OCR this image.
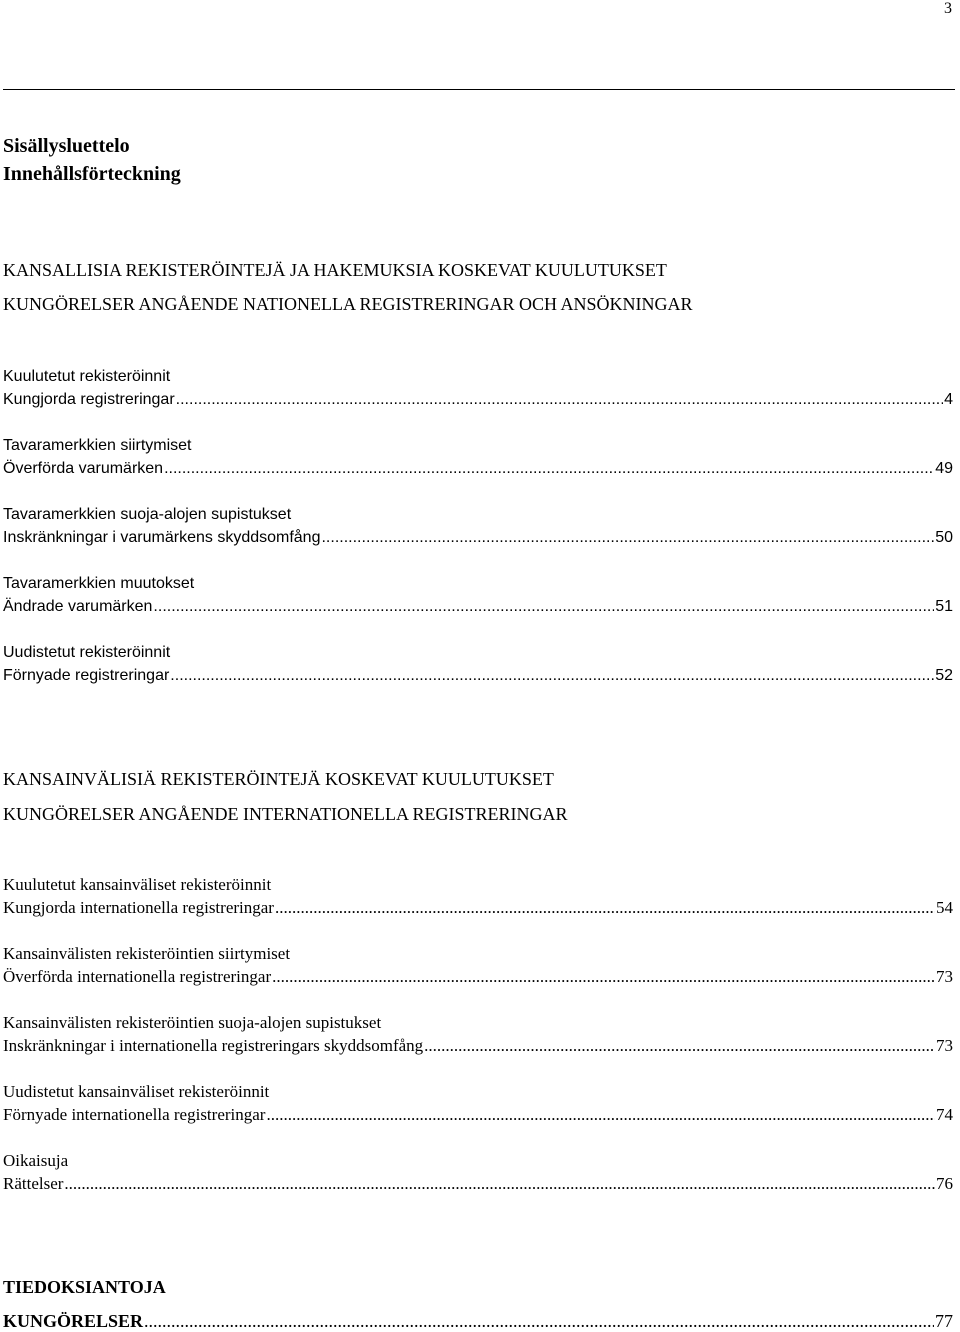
3
Sisällysluettelo
Innehållsförteckning
KANSALLISIA REKISTERÖINTEJÄ JA HAKEMUKSIA KOSKEVAT KUULUTUKSET
KUNGÖRELSER ANGÅENDE NATIONELLA REGISTRERINGAR OCH ANSÖKNINGAR
Kuulutetut rekisteröinnit
Kungjorda registreringar .....	4
Tavaramerkkien siirtymiset
Överförda varumärken .....	49
Tavaramerkkien suoja-alojen supistukset
Inskränkningar i varumärkens skyddsomfång .....	50
Tavaramerkkien muutokset
Ändrade varumärken .....	51
Uudistetut rekisteröinnit
Förnyade registreringar .....	52
KANSAINVÄLISIÄ REKISTERÖINTEJÄ KOSKEVAT KUULUTUKSET
KUNGÖRELSER ANGÅENDE INTERNATIONELLA REGISTRERINGAR
Kuulutetut kansainväliset rekisteröinnit
Kungjorda internationella registreringar .....	54
Kansainvälisten rekisteröintien siirtymiset
Överförda internationella registreringar .....	73
Kansainvälisten rekisteröintien suoja-alojen supistukset
Inskränkningar i internationella registreringars skyddsomfång .....	73
Uudistetut kansainväliset rekisteröinnit
Förnyade internationella registreringar .....	74
Oikaisuja
Rättelser .....	76
TIEDOKSIANTOJA
KUNGÖRELSER .....	77
